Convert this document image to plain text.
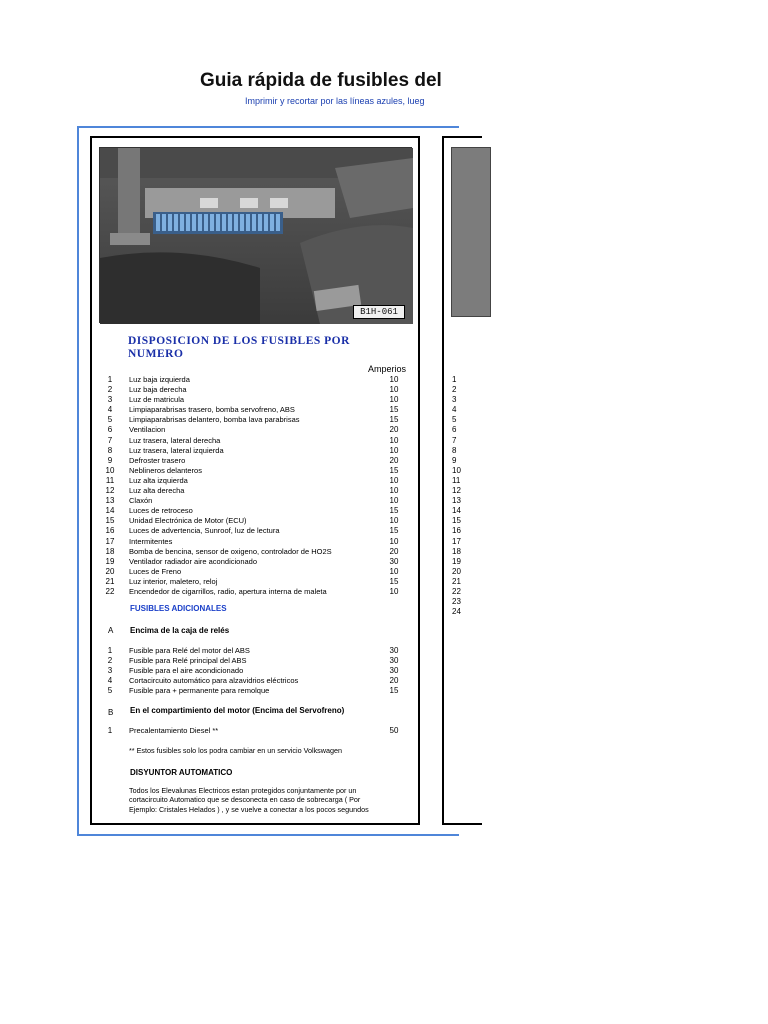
Guia rápida de fusibles del
Imprimir y recortar por las líneas azules, lueg
B1H-061
DISPOSICION DE LOS FUSIBLES POR NUMERO
Amperios
1	Luz baja izquierda	10
2	Luz baja derecha	10
3	Luz de matricula	10
4	Limpiaparabrisas trasero, bomba servofreno, ABS	15
5	Limpiaparabrisas delantero, bomba lava parabrisas	15
6	Ventilacion	20
7	Luz trasera, lateral derecha	10
8	Luz trasera, lateral izquierda	10
9	Defroster trasero	20
10	Neblineros delanteros	15
11	Luz alta izquierda	10
12	Luz alta derecha	10
13	Claxón	10
14	Luces de retroceso	15
15	Unidad Electrónica de Motor (ECU)	10
16	Luces de advertencia, Sunroof, luz de lectura	15
17	Intermitentes	10
18	Bomba de bencina, sensor de oxigeno, controlador de HO2S	20
19	Ventilador radiador aire acondicionado	30
20	Luces de Freno	10
21	Luz interior, maletero, reloj	15
22	Encendedor de cigarrillos, radio, apertura interna de maleta	10
FUSIBLES ADICIONALES
A Encima de la caja de relés
1	Fusible para Relé del motor del ABS	30
2	Fusible para Relé principal del ABS	30
3	Fusible para el aire acondicionado	30
4	Cortacircuito automático para alzavidrios eléctricos	20
5	Fusible para + permanente para remolque	15
B En el compartimiento del motor (Encima del Servofreno)
1	Precalentamiento Diesel **	50
** Estos fusibles solo los podra cambiar en un servicio Volkswagen
DISYUNTOR AUTOMATICO
Todos los Elevalunas Electricos estan protegidos conjuntamente por un cortacircuito Automatico que se desconecta en caso de sobrecarga ( Por Ejemplo: Cristales Helados ) , y se vuelve a conectar a los pocos segundos
1
2
3
4
5
6
7
8
9
10
11
12
13
14
15
16
17
18
19
20
21
22
23
24
